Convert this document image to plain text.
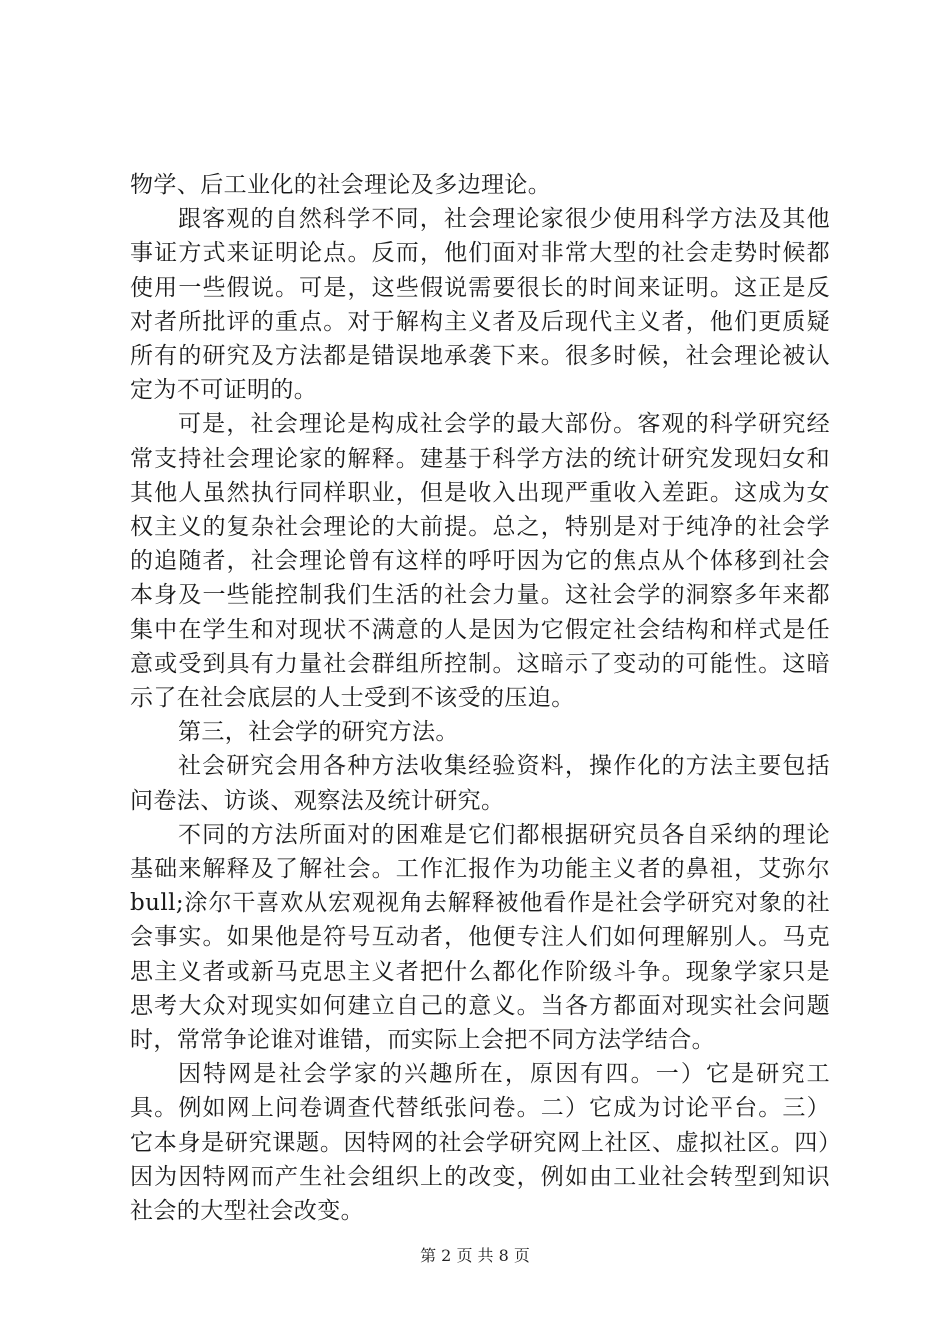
物学、后工业化的社会理论及多边理论。

跟客观的自然科学不同，社会理论家很少使用科学方法及其他事证方式来证明论点。反而，他们面对非常大型的社会走势时候都使用一些假说。可是，这些假说需要很长的时间来证明。这正是反对者所批评的重点。对于解构主义者及后现代主义者，他们更质疑所有的研究及方法都是错误地承袭下来。很多时候，社会理论被认定为不可证明的。

可是，社会理论是构成社会学的最大部份。客观的科学研究经常支持社会理论家的解释。建基于科学方法的统计研究发现妇女和其他人虽然执行同样职业，但是收入出现严重收入差距。这成为女权主义的复杂社会理论的大前提。总之，特别是对于纯净的社会学的追随者，社会理论曾有这样的呼吁因为它的焦点从个体移到社会本身及一些能控制我们生活的社会力量。这社会学的洞察多年来都集中在学生和对现状不满意的人是因为它假定社会结构和样式是任意或受到具有力量社会群组所控制。这暗示了变动的可能性。这暗示了在社会底层的人士受到不该受的压迫。

第三，社会学的研究方法。

社会研究会用各种方法收集经验资料，操作化的方法主要包括问卷法、访谈、观察法及统计研究。

不同的方法所面对的困难是它们都根据研究员各自采纳的理论基础来解释及了解社会。工作汇报作为功能主义者的鼻祖，艾弥尔bull;涂尔干喜欢从宏观视角去解释被他看作是社会学研究对象的社会事实。如果他是符号互动者，他便专注人们如何理解别人。马克思主义者或新马克思主义者把什么都化作阶级斗争。现象学家只是思考大众对现实如何建立自己的意义。当各方都面对现实社会问题时，常常争论谁对谁错，而实际上会把不同方法学结合。

因特网是社会学家的兴趣所在，原因有四。一）它是研究工具。例如网上问卷调查代替纸张问卷。二）它成为讨论平台。三）它本身是研究课题。因特网的社会学研究网上社区、虚拟社区。四）因为因特网而产生社会组织上的改变，例如由工业社会转型到知识社会的大型社会改变。

第 2 页 共 8 页
